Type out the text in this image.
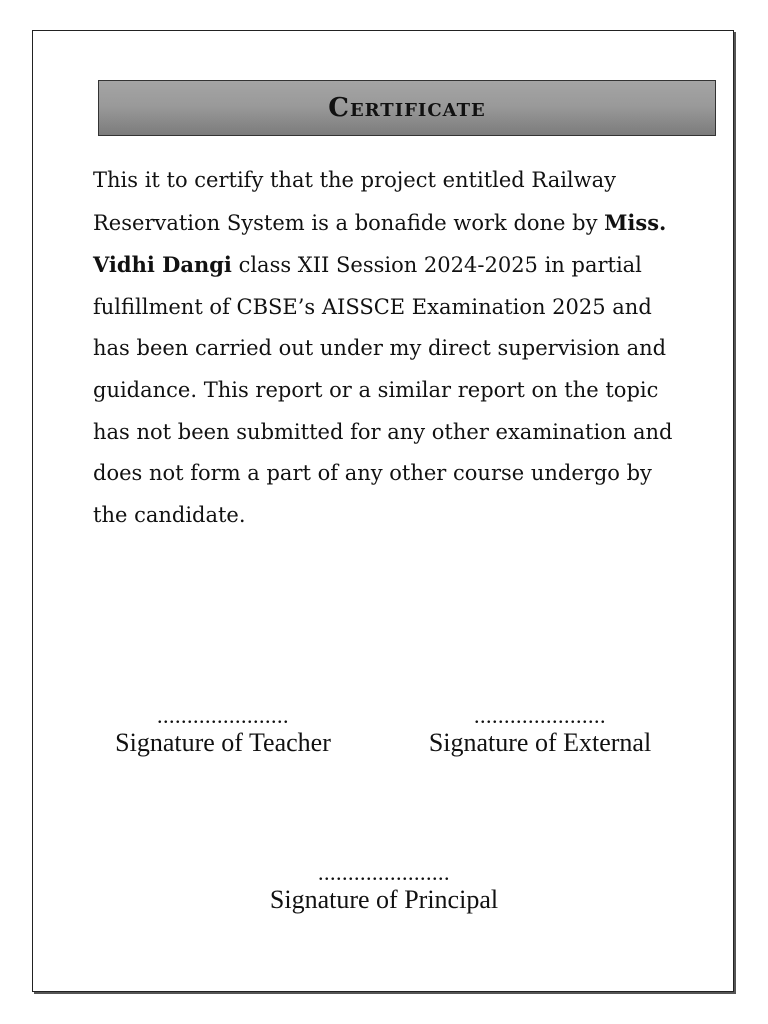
Certificate

This it to certify that the project entitled Railway Reservation System is a bonafide work done by Miss. Vidhi Dangi class XII Session 2024-2025 in partial fulfillment of CBSE’s AISSCE Examination 2025 and has been carried out under my direct supervision and guidance. This report or a similar report on the topic has not been submitted for any other examination and does not form a part of any other course undergo by the candidate.

......................
Signature of Teacher
......................
Signature of External
......................
Signature of Principal
